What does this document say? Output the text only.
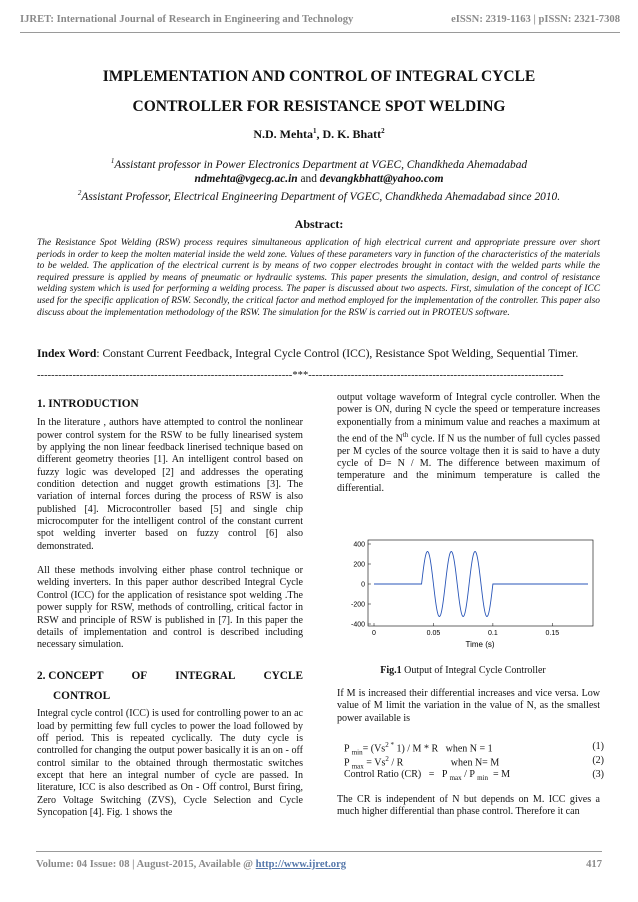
IJRET: International Journal of Research in Engineering and Technology	eISSN: 2319-1163 | pISSN: 2321-7308
IMPLEMENTATION AND CONTROL OF INTEGRAL CYCLE
CONTROLLER FOR RESISTANCE SPOT WELDING
N.D. Mehta$^1$, D. K. Bhatt$^2$
$^1$Assistant professor in Power Electronics Department at VGEC, Chandkheda Ahemadabad
ndmehta@vgecg.ac.in and devangkbhatt@yahoo.com
$^2$Assistant Professor, Electrical Engineering Department of VGEC, Chandkheda Ahemadabad since 2010.
Abstract:
The Resistance Spot Welding (RSW) process requires simultaneous application of high electrical current and appropriate pressure over short periods in order to keep the molten material inside the weld zone. Values of these parameters vary in function of the characteristics of the materials to be welded. The application of the electrical current is by means of two copper electrodes brought in contact with the welded parts while the required pressure is applied by means of pneumatic or hydraulic systems. This paper presents the simulation, design, and control of resistance welding system which is used for performing a welding process. The paper is discussed about two aspects. First, simulation of the concept of ICC used for the specific application of RSW. Secondly, the critical factor and method employed for the implementation of the controller. This paper also discuss about the implementation methodology of the RSW. The simulation for the RSW is carried out in PROTEUS software.
Index Word: Constant Current Feedback, Integral Cycle Control (ICC), Resistance Spot Welding, Sequential Timer.
------------------------------------------------------------------------***------------------------------------------------------------------------
1. INTRODUCTION

In the literature , authors have attempted to control the nonlinear power control system for the RSW to be fully linearised system by applying the non linear feedback linerised technique based on different geometry theories [1]. An intelligent control based on fuzzy logic was developed [2] and addresses the operating condition detection and nugget growth estimations [3]. The variation of internal forces during the process of RSW is also published [4]. Microcontroller based [5] and single chip microcomputer for the intelligent control of the constant current spot welding inverter based on fuzzy control [6] also demonstrated.

All these methods involving either phase control technique or welding inverters. In this paper author described Integral Cycle Control (ICC) for the application of resistance spot welding .The power supply for RSW, methods of controlling, critical factor in RSW and principle of RSW is published in [7]. In this paper the details of implementation and control is described including necessary simulation.

2. CONCEPT OF INTEGRAL CYCLE
CONTROL

Integral cycle control (ICC) is used for controlling power to an ac load by permitting few full cycles to power the load followed by off period. This is repeated cyclically. The duty cycle is controlled for changing the output power basically it is an on - off control similar to the obtained through thermostatic switches except that here an integral number of cycle are passed. In literature, ICC is also described as On - Off control, Burst firing, Zero Voltage Switching (ZVS), Cycle Selection and Cycle Syncopation [4]. Fig. 1 shows the

output voltage waveform of Integral cycle controller. When the power is ON, during N cycle the speed or temperature increases exponentially from a minimum value and reaches a maximum at the end of the $N^{th}$ cycle. If N us the number of full cycles passed per M cycles of the source voltage then it is said to have a duty cycle of D= N / M. The difference between maximum of temperature and the minimum temperature is called the differential.

400
200
0
-200
-400
0	0.05	0.1	0.15
Time (s)
Fig.1 Output of Integral Cycle Controller
If M is increased their differential increases and vice versa. Low value of M limit the variation in the value of N, as the smallest power available is
P $_{min}= (Vs^{2 *}$ 1) / M * R   when N = 1	(1)
P $_{max} = Vs^2 / R$                   when N= M	(2)
Control Ratio (CR)   =   P $_{max}$ / P $_{min}$  = M	(3)
The CR is independent of N but depends on M. ICC gives a much higher differential than phase control. Therefore it can
Volume: 04 Issue: 08 | August-2015, Available @ http://www.ijret.org	417
